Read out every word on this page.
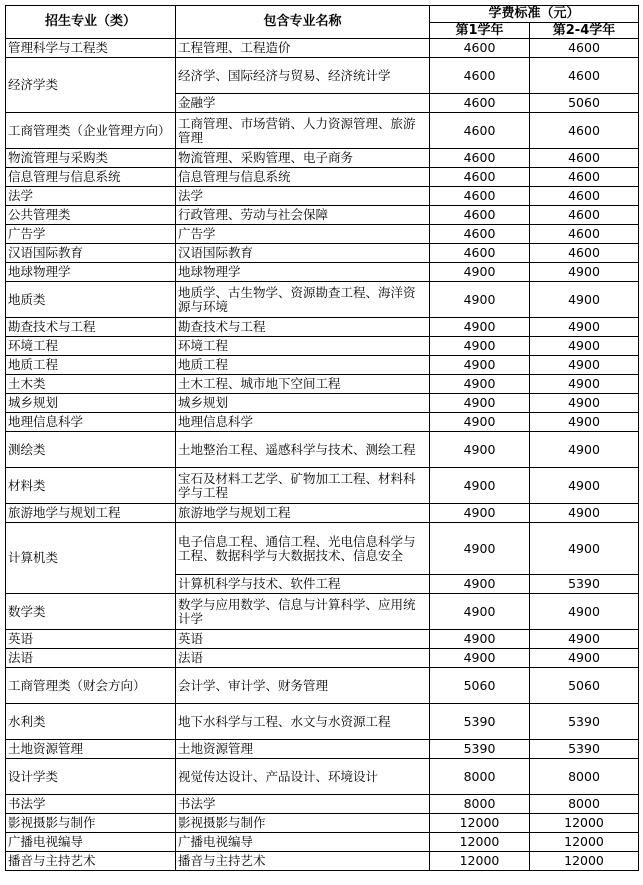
招生专业（类）	包含专业名称	学费标准（元）	
		第1学年	第2-4学年
管理科学与工程类	工程管理、工程造价	4600	4600
经济学类	经济学、国际经济与贸易、经济统计学	4600	4600
	金融学	4600	5060
工商管理类（企业管理方向）	工商管理、市场营销、人力资源管理、旅游管理	4600	4600
物流管理与采购类	物流管理、采购管理、电子商务	4600	4600
信息管理与信息系统	信息管理与信息系统	4600	4600
法学	法学	4600	4600
公共管理类	行政管理、劳动与社会保障	4600	4600
广告学	广告学	4600	4600
汉语国际教育	汉语国际教育	4600	4600
地球物理学	地球物理学	4900	4900
地质类	地质学、古生物学、资源勘查工程、海洋资源与环境	4900	4900
勘查技术与工程	勘查技术与工程	4900	4900
环境工程	环境工程	4900	4900
地质工程	地质工程	4900	4900
土木类	土木工程、城市地下空间工程	4900	4900
城乡规划	城乡规划	4900	4900
地理信息科学	地理信息科学	4900	4900
测绘类	土地整治工程、遥感科学与技术、测绘工程	4900	4900
材料类	宝石及材料工艺学、矿物加工工程、材料科学与工程	4900	4900
旅游地学与规划工程	旅游地学与规划工程	4900	4900
计算机类	电子信息工程、通信工程、光电信息科学与工程、数据科学与大数据技术、信息安全	4900	4900
	计算机科学与技术、软件工程	4900	5390
数学类	数学与应用数学、信息与计算科学、应用统计学	4900	4900
英语	英语	4900	4900
法语	法语	4900	4900
工商管理类（财会方向）	会计学、审计学、财务管理	5060	5060
水利类	地下水科学与工程、水文与水资源工程	5390	5390
土地资源管理	土地资源管理	5390	5390
设计学类	视觉传达设计、产品设计、环境设计	8000	8000
书法学	书法学	8000	8000
影视摄影与制作	影视摄影与制作	12000	12000
广播电视编导	广播电视编导	12000	12000
播音与主持艺术	播音与主持艺术	12000	12000
